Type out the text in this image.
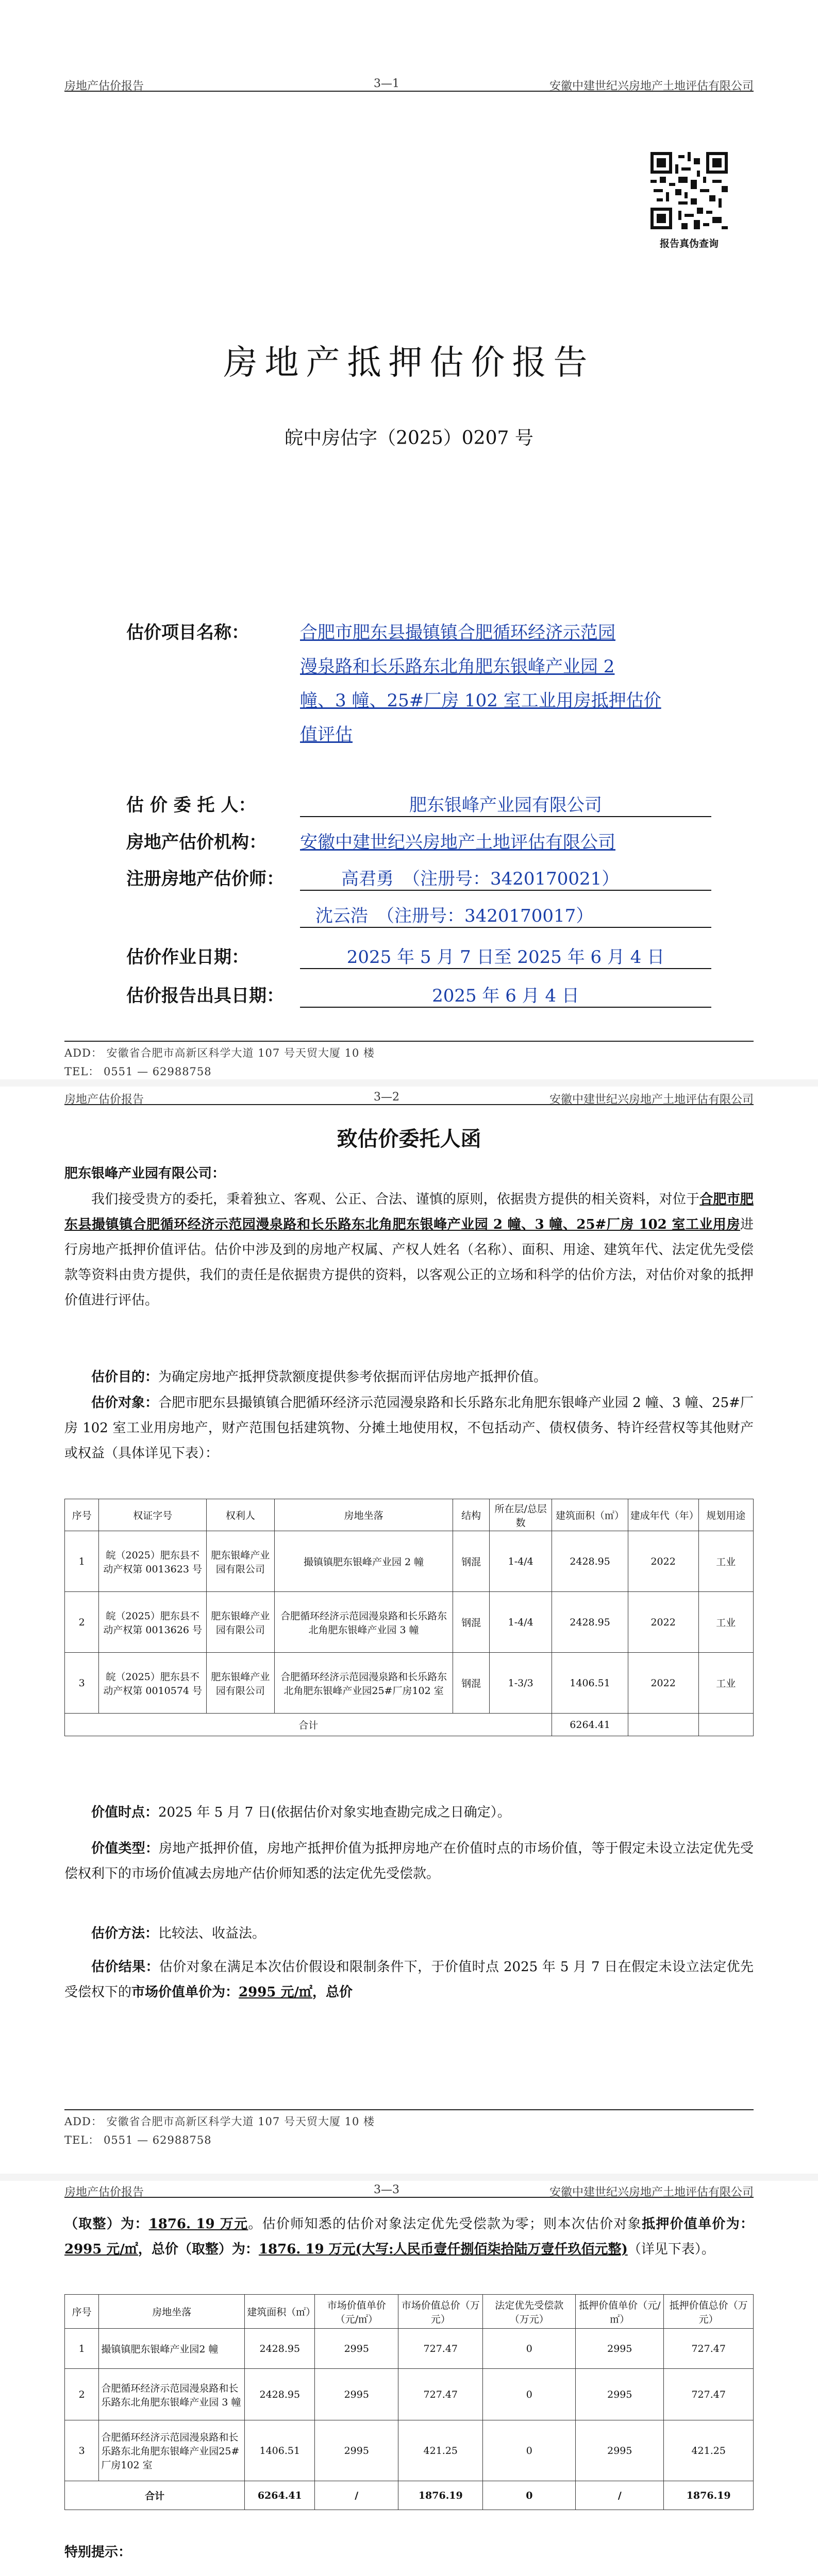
房地产估价报告	3—1	安徽中建世纪兴房地产土地评估有限公司
报告真伪查询
房地产抵押估价报告
皖中房估字（2025）0207 号
估价项目名称：	合肥市肥东县撮镇镇合肥循环经济示范园
漫泉路和长乐路东北角肥东银峰产业园 2
幢、3 幢、25#厂房 102 室工业用房抵押估价
值评估
估 价 委 托 人：	肥东银峰产业园有限公司
房地产估价机构： 安徽中建世纪兴房地产土地评估有限公司
注册房地产估价师：	高君勇　（注册号：3420170021）
沈云浩　（注册号：3420170017）
估价作业日期：	2025 年 5 月 7 日至 2025 年 6 月 4 日
估价报告出具日期：	2025 年 6 月 4 日
ADD： 安徽省合肥市高新区科学大道 107 号天贸大厦 10 楼
TEL： 0551 — 62988758
房地产估价报告	3—2	安徽中建世纪兴房地产土地评估有限公司
致估价委托人函
肥东银峰产业园有限公司：
我们接受贵方的委托，秉着独立、客观、公正、合法、谨慎的原则，依据贵方提供的相关资料，对位于合肥市肥东县撮镇镇合肥循环经济示范园漫泉路和长乐路东北角肥东银峰产业园 2 幢、3 幢、25#厂房 102 室工业用房进行房地产抵押价值评估。估价中涉及到的房地产权属、产权人姓名（名称）、面积、用途、建筑年代、法定优先受偿款等资料由贵方提供，我们的责任是依据贵方提供的资料，以客观公正的立场和科学的估价方法，对估价对象的抵押价值进行评估。
估价目的：为确定房地产抵押贷款额度提供参考依据而评估房地产抵押价值。
估价对象：合肥市肥东县撮镇镇合肥循环经济示范园漫泉路和长乐路东北角肥东银峰产业园 2 幢、3 幢、25#厂房 102 室工业用房地产，财产范围包括建筑物、分摊土地使用权，不包括动产、债权债务、特许经营权等其他财产或权益（具体详见下表）：
序号	权证字号	权利人	房地坐落	结构	所在层/总层数	建筑面积（㎡）	建成年代（年）	规划用途
1	皖（2025）肥东县不动产权第 0013623 号	肥东银峰产业园有限公司	撮镇镇肥东银峰产业园 2 幢	钢混	1-4/4	2428.95	2022	工业
2	皖（2025）肥东县不动产权第 0013626 号	肥东银峰产业园有限公司	合肥循环经济示范园漫泉路和长乐路东北角肥东银峰产业园 3 幢	钢混	1-4/4	2428.95	2022	工业
3	皖（2025）肥东县不动产权第 0010574 号	肥东银峰产业园有限公司	合肥循环经济示范园漫泉路和长乐路东北角肥东银峰产业园25#厂房102 室	钢混	1-3/3	1406.51	2022	工业
合计						6264.41		
价值时点：2025 年 5 月 7 日(依据估价对象实地查勘完成之日确定）。
价值类型：房地产抵押价值，房地产抵押价值为抵押房地产在价值时点的市场价值，等于假定未设立法定优先受偿权利下的市场价值减去房地产估价师知悉的法定优先受偿款。
估价方法：比较法、收益法。
估价结果：估价对象在满足本次估价假设和限制条件下，于价值时点 2025 年 5 月 7 日在假定未设立法定优先受偿权下的市场价值单价为：2995 元/㎡，总价
ADD： 安徽省合肥市高新区科学大道 107 号天贸大厦 10 楼
TEL： 0551 — 62988758
房地产估价报告	3—3	安徽中建世纪兴房地产土地评估有限公司
（取整）为：1876. 19 万元。估价师知悉的估价对象法定优先受偿款为零；则本次估价对象抵押价值单价为：2995 元/㎡，总价（取整）为：1876. 19 万元(大写:人民币壹仟捌佰柒拾陆万壹仟玖佰元整)（详见下表）。
序号	房地坐落	建筑面积（㎡）	市场价值单价（元/㎡）	市场价值总价（万元）	法定优先受偿款（万元）	抵押价值单价（元/㎡）	抵押价值总价（万元）
1	撮镇镇肥东银峰产业园2 幢	2428.95	2995	727.47	0	2995	727.47
2	合肥循环经济示范园漫泉路和长乐路东北角肥东银峰产业园 3 幢	2428.95	2995	727.47	0	2995	727.47
3	合肥循环经济示范园漫泉路和长乐路东北角肥东银峰产业园25#厂房102 室	1406.51	2995	421.25	0	2995	421.25
合计		6264.41	/	1876.19	0	/	1876.19
特别提示：
